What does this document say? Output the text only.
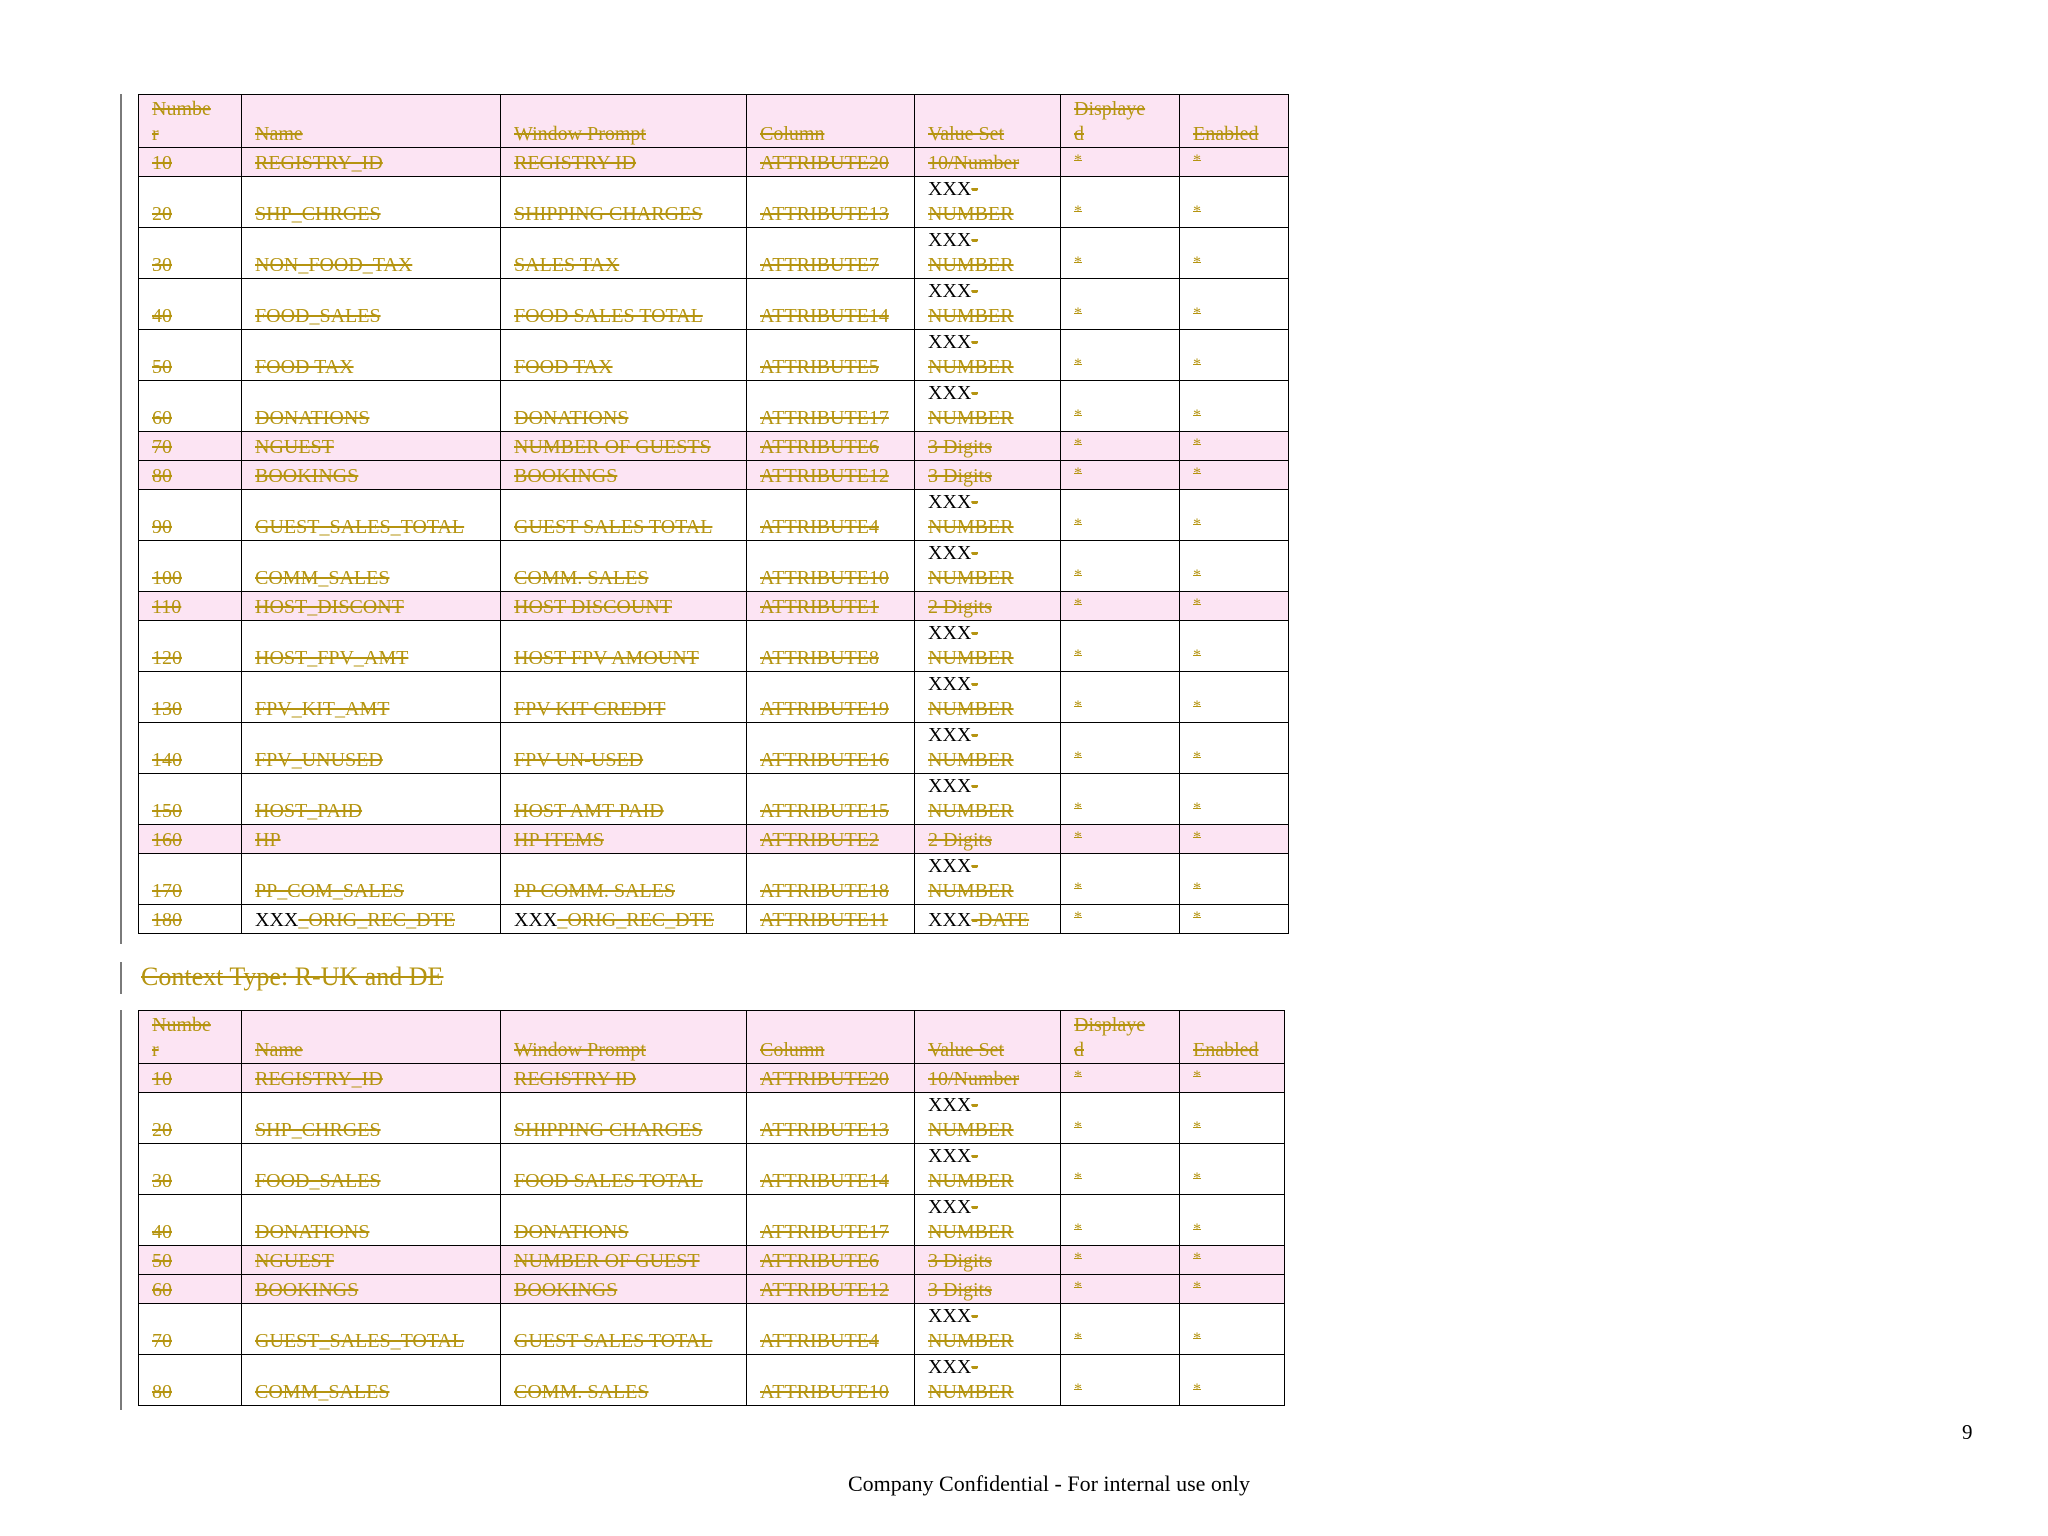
Numbe
r	Name	Window Prompt	Column	Value Set	Displaye
d	Enabled

10	REGISTRY_ID	REGISTRY ID	ATTRIBUTE20	10/Number	*	*
20	SHP_CHRGES	SHIPPING CHARGES	ATTRIBUTE13	XXX-
NUMBER	*	*
30	NON_FOOD_TAX	SALES TAX	ATTRIBUTE7	XXX-
NUMBER	*	*
40	FOOD_SALES	FOOD SALES TOTAL	ATTRIBUTE14	XXX-
NUMBER	*	*
50	FOOD TAX	FOOD TAX	ATTRIBUTE5	XXX-
NUMBER	*	*
60	DONATIONS	DONATIONS	ATTRIBUTE17	XXX-
NUMBER	*	*
70	NGUEST	NUMBER OF GUESTS	ATTRIBUTE6	3 Digits	*	*
80	BOOKINGS	BOOKINGS	ATTRIBUTE12	3 Digits	*	*
90	GUEST_SALES_TOTAL	GUEST SALES TOTAL	ATTRIBUTE4	XXX-
NUMBER	*	*
100	COMM_SALES	COMM. SALES	ATTRIBUTE10	XXX-
NUMBER	*	*
110	HOST_DISCONT	HOST DISCOUNT	ATTRIBUTE1	2 Digits	*	*
120	HOST_FPV_AMT	HOST FPV AMOUNT	ATTRIBUTE8	XXX-
NUMBER	*	*
130	FPV_KIT_AMT	FPV KIT CREDIT	ATTRIBUTE19	XXX-
NUMBER	*	*
140	FPV_UNUSED	FPV UN-USED	ATTRIBUTE16	XXX-
NUMBER	*	*
150	HOST_PAID	HOST AMT PAID	ATTRIBUTE15	XXX-
NUMBER	*	*
160	HP	HP ITEMS	ATTRIBUTE2	2 Digits	*	*
170	PP_COM_SALES	PP COMM. SALES	ATTRIBUTE18	XXX-
NUMBER	*	*
180	XXX_ORIG_REC_DTE	XXX_ORIG_REC_DTE	ATTRIBUTE11	XXX-DATE	*	*
Context Type: R-UK and DE
Numbe
r	Name	Window Prompt	Column	Value Set	Displaye
d	Enabled

10	REGISTRY_ID	REGISTRY ID	ATTRIBUTE20	10/Number	*	*
20	SHP_CHRGES	SHIPPING CHARGES	ATTRIBUTE13	XXX-
NUMBER	*	*
30	FOOD_SALES	FOOD SALES TOTAL	ATTRIBUTE14	XXX-
NUMBER	*	*
40	DONATIONS	DONATIONS	ATTRIBUTE17	XXX-
NUMBER	*	*
50	NGUEST	NUMBER OF GUEST	ATTRIBUTE6	3 Digits	*	*
60	BOOKINGS	BOOKINGS	ATTRIBUTE12	3 Digits	*	*
70	GUEST_SALES_TOTAL	GUEST SALES TOTAL	ATTRIBUTE4	XXX-
NUMBER	*	*
80	COMM_SALES	COMM. SALES	ATTRIBUTE10	XXX-
NUMBER	*	*
9
Company Confidential - For internal use only
